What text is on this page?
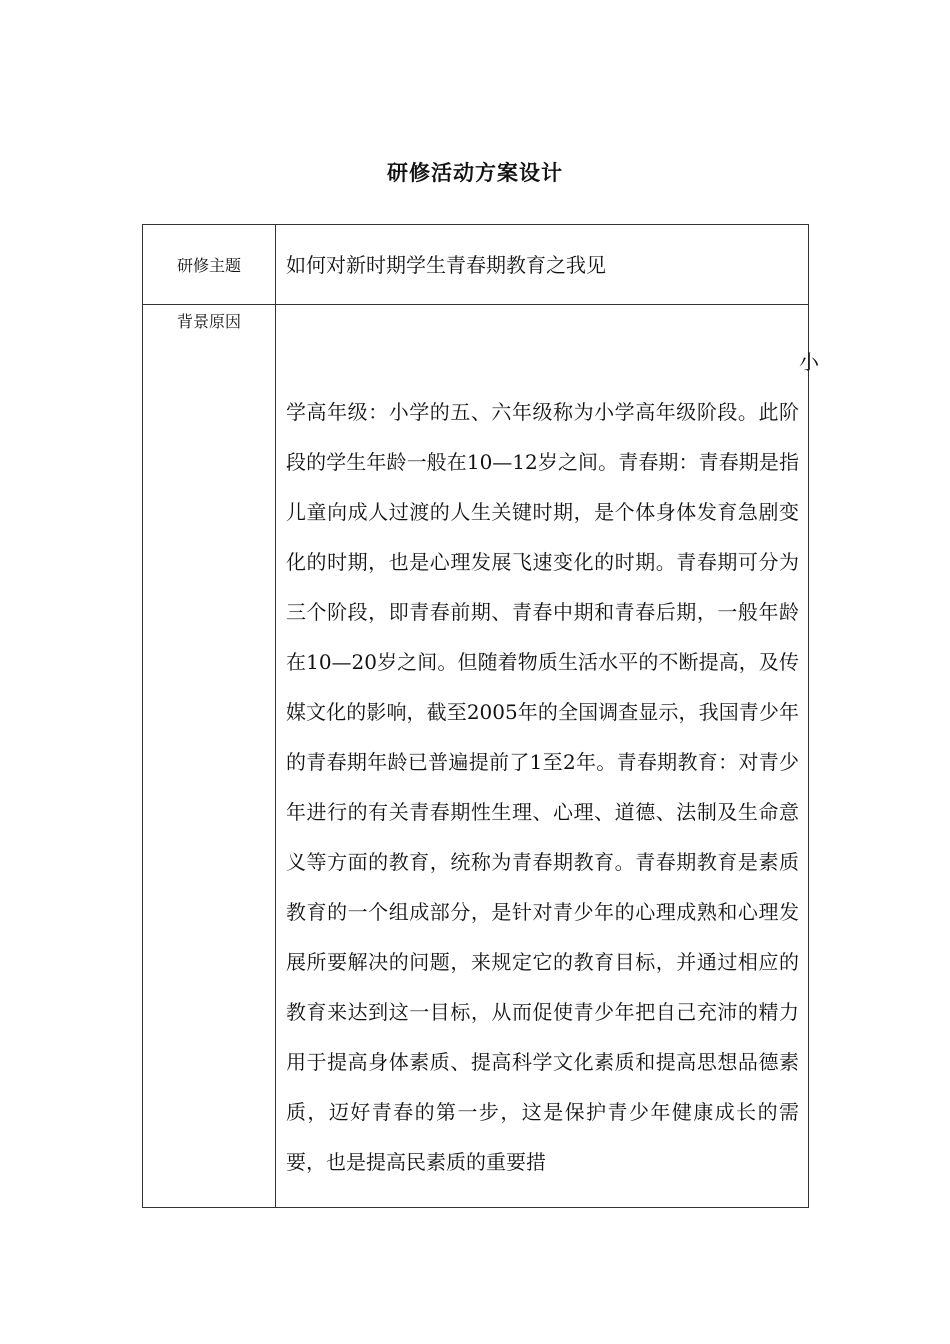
研修活动方案设计
研修主题	如何对新时期学生青春期教育之我见
背景原因	小学高年级：小学的五、六年级称为小学高年级阶段。此阶段的学生年龄一般在10—12岁之间。青春期：青春期是指儿童向成人过渡的人生关键时期，是个体身体发育急剧变化的时期，也是心理发展飞速变化的时期。青春期可分为三个阶段，即青春前期、青春中期和青春后期，一般年龄在10—20岁之间。但随着物质生活水平的不断提高，及传媒文化的影响，截至2005年的全国调查显示，我国青少年的青春期年龄已普遍提前了1至2年。青春期教育：对青少年进行的有关青春期性生理、心理、道德、法制及生命意义等方面的教育，统称为青春期教育。青春期教育是素质教育的一个组成部分，是针对青少年的心理成熟和心理发展所要解决的问题，来规定它的教育目标，并通过相应的教育来达到这一目标，从而促使青少年把自己充沛的精力用于提高身体素质、提高科学文化素质和提高思想品德素质，迈好青春的第一步，这是保护青少年健康成长的需要，也是提高民素质的重要措
